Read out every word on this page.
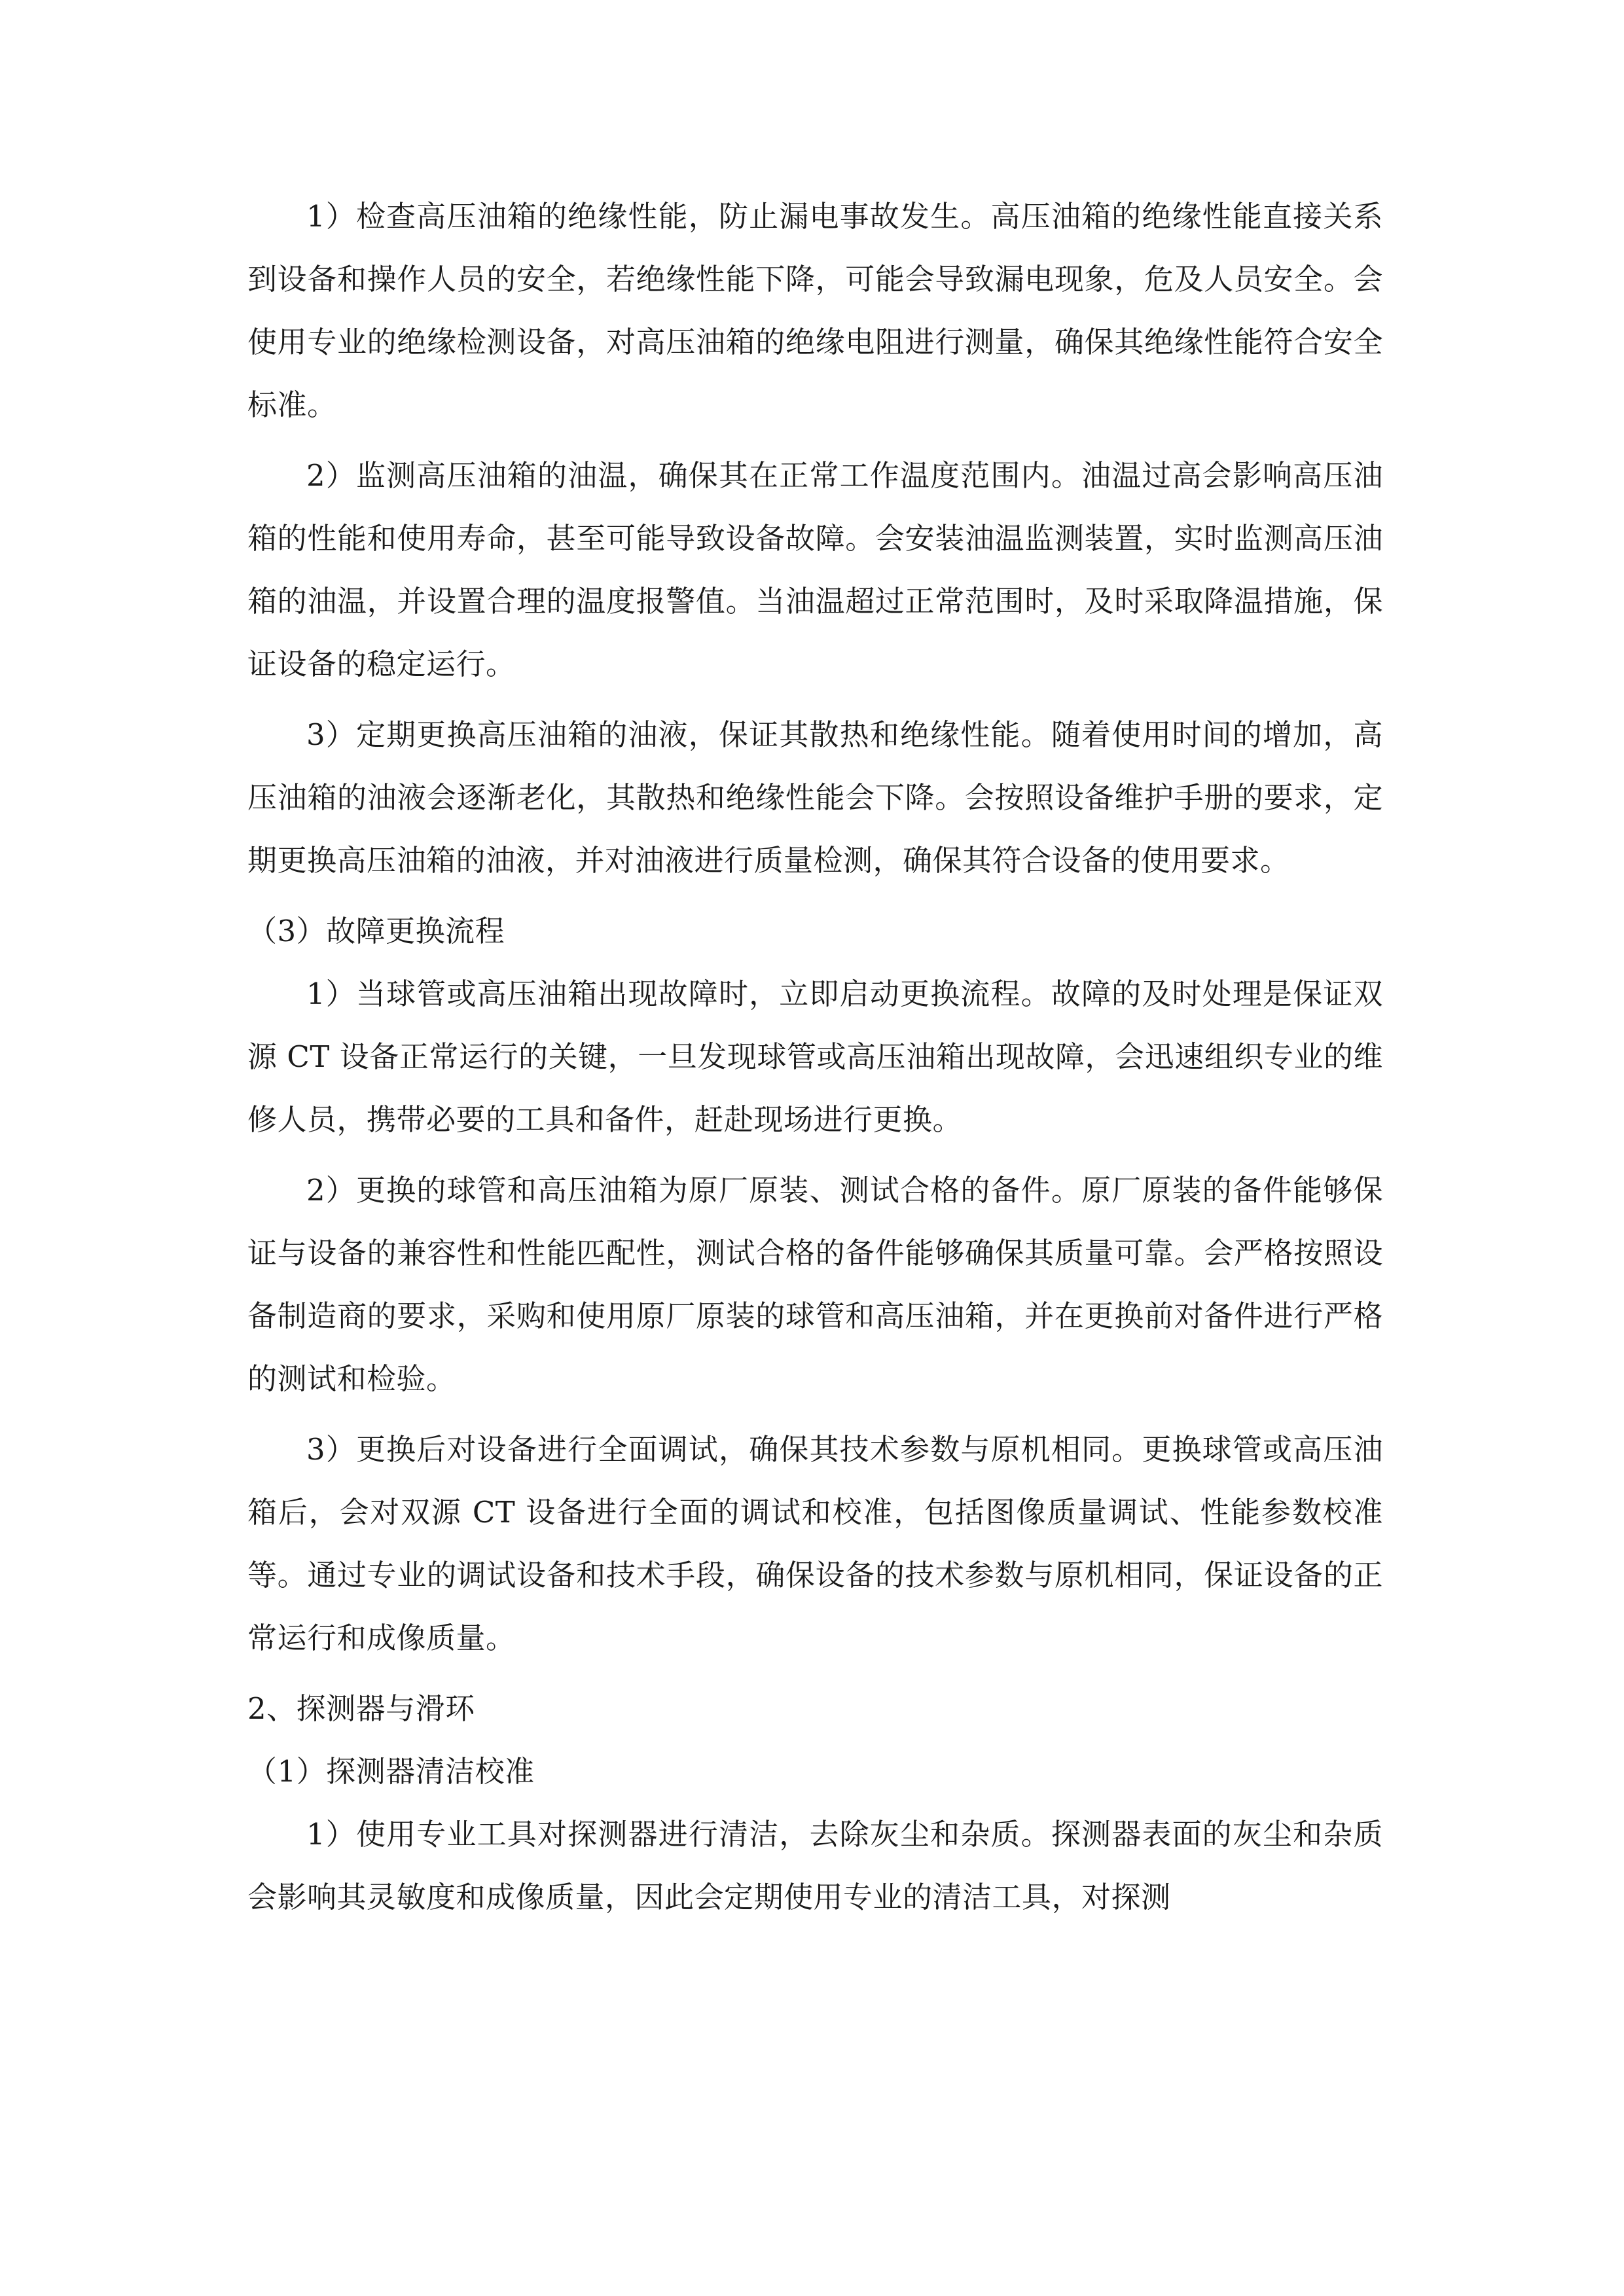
1）检查高压油箱的绝缘性能，防止漏电事故发生。高压油箱的绝缘性能直接关系到设备和操作人员的安全，若绝缘性能下降，可能会导致漏电现象，危及人员安全。会使用专业的绝缘检测设备，对高压油箱的绝缘电阻进行测量，确保其绝缘性能符合安全标准。

2）监测高压油箱的油温，确保其在正常工作温度范围内。油温过高会影响高压油箱的性能和使用寿命，甚至可能导致设备故障。会安装油温监测装置，实时监测高压油箱的油温，并设置合理的温度报警值。当油温超过正常范围时，及时采取降温措施，保证设备的稳定运行。

3）定期更换高压油箱的油液，保证其散热和绝缘性能。随着使用时间的增加，高压油箱的油液会逐渐老化，其散热和绝缘性能会下降。会按照设备维护手册的要求，定期更换高压油箱的油液，并对油液进行质量检测，确保其符合设备的使用要求。

（3）故障更换流程

1）当球管或高压油箱出现故障时，立即启动更换流程。故障的及时处理是保证双源 CT 设备正常运行的关键，一旦发现球管或高压油箱出现故障，会迅速组织专业的维修人员，携带必要的工具和备件，赶赴现场进行更换。

2）更换的球管和高压油箱为原厂原装、测试合格的备件。原厂原装的备件能够保证与设备的兼容性和性能匹配性，测试合格的备件能够确保其质量可靠。会严格按照设备制造商的要求，采购和使用原厂原装的球管和高压油箱，并在更换前对备件进行严格的测试和检验。

3）更换后对设备进行全面调试，确保其技术参数与原机相同。更换球管或高压油箱后，会对双源 CT 设备进行全面的调试和校准，包括图像质量调试、性能参数校准等。通过专业的调试设备和技术手段，确保设备的技术参数与原机相同，保证设备的正常运行和成像质量。

2、探测器与滑环

（1）探测器清洁校准

1）使用专业工具对探测器进行清洁，去除灰尘和杂质。探测器表面的灰尘和杂质会影响其灵敏度和成像质量，因此会定期使用专业的清洁工具，对探测
